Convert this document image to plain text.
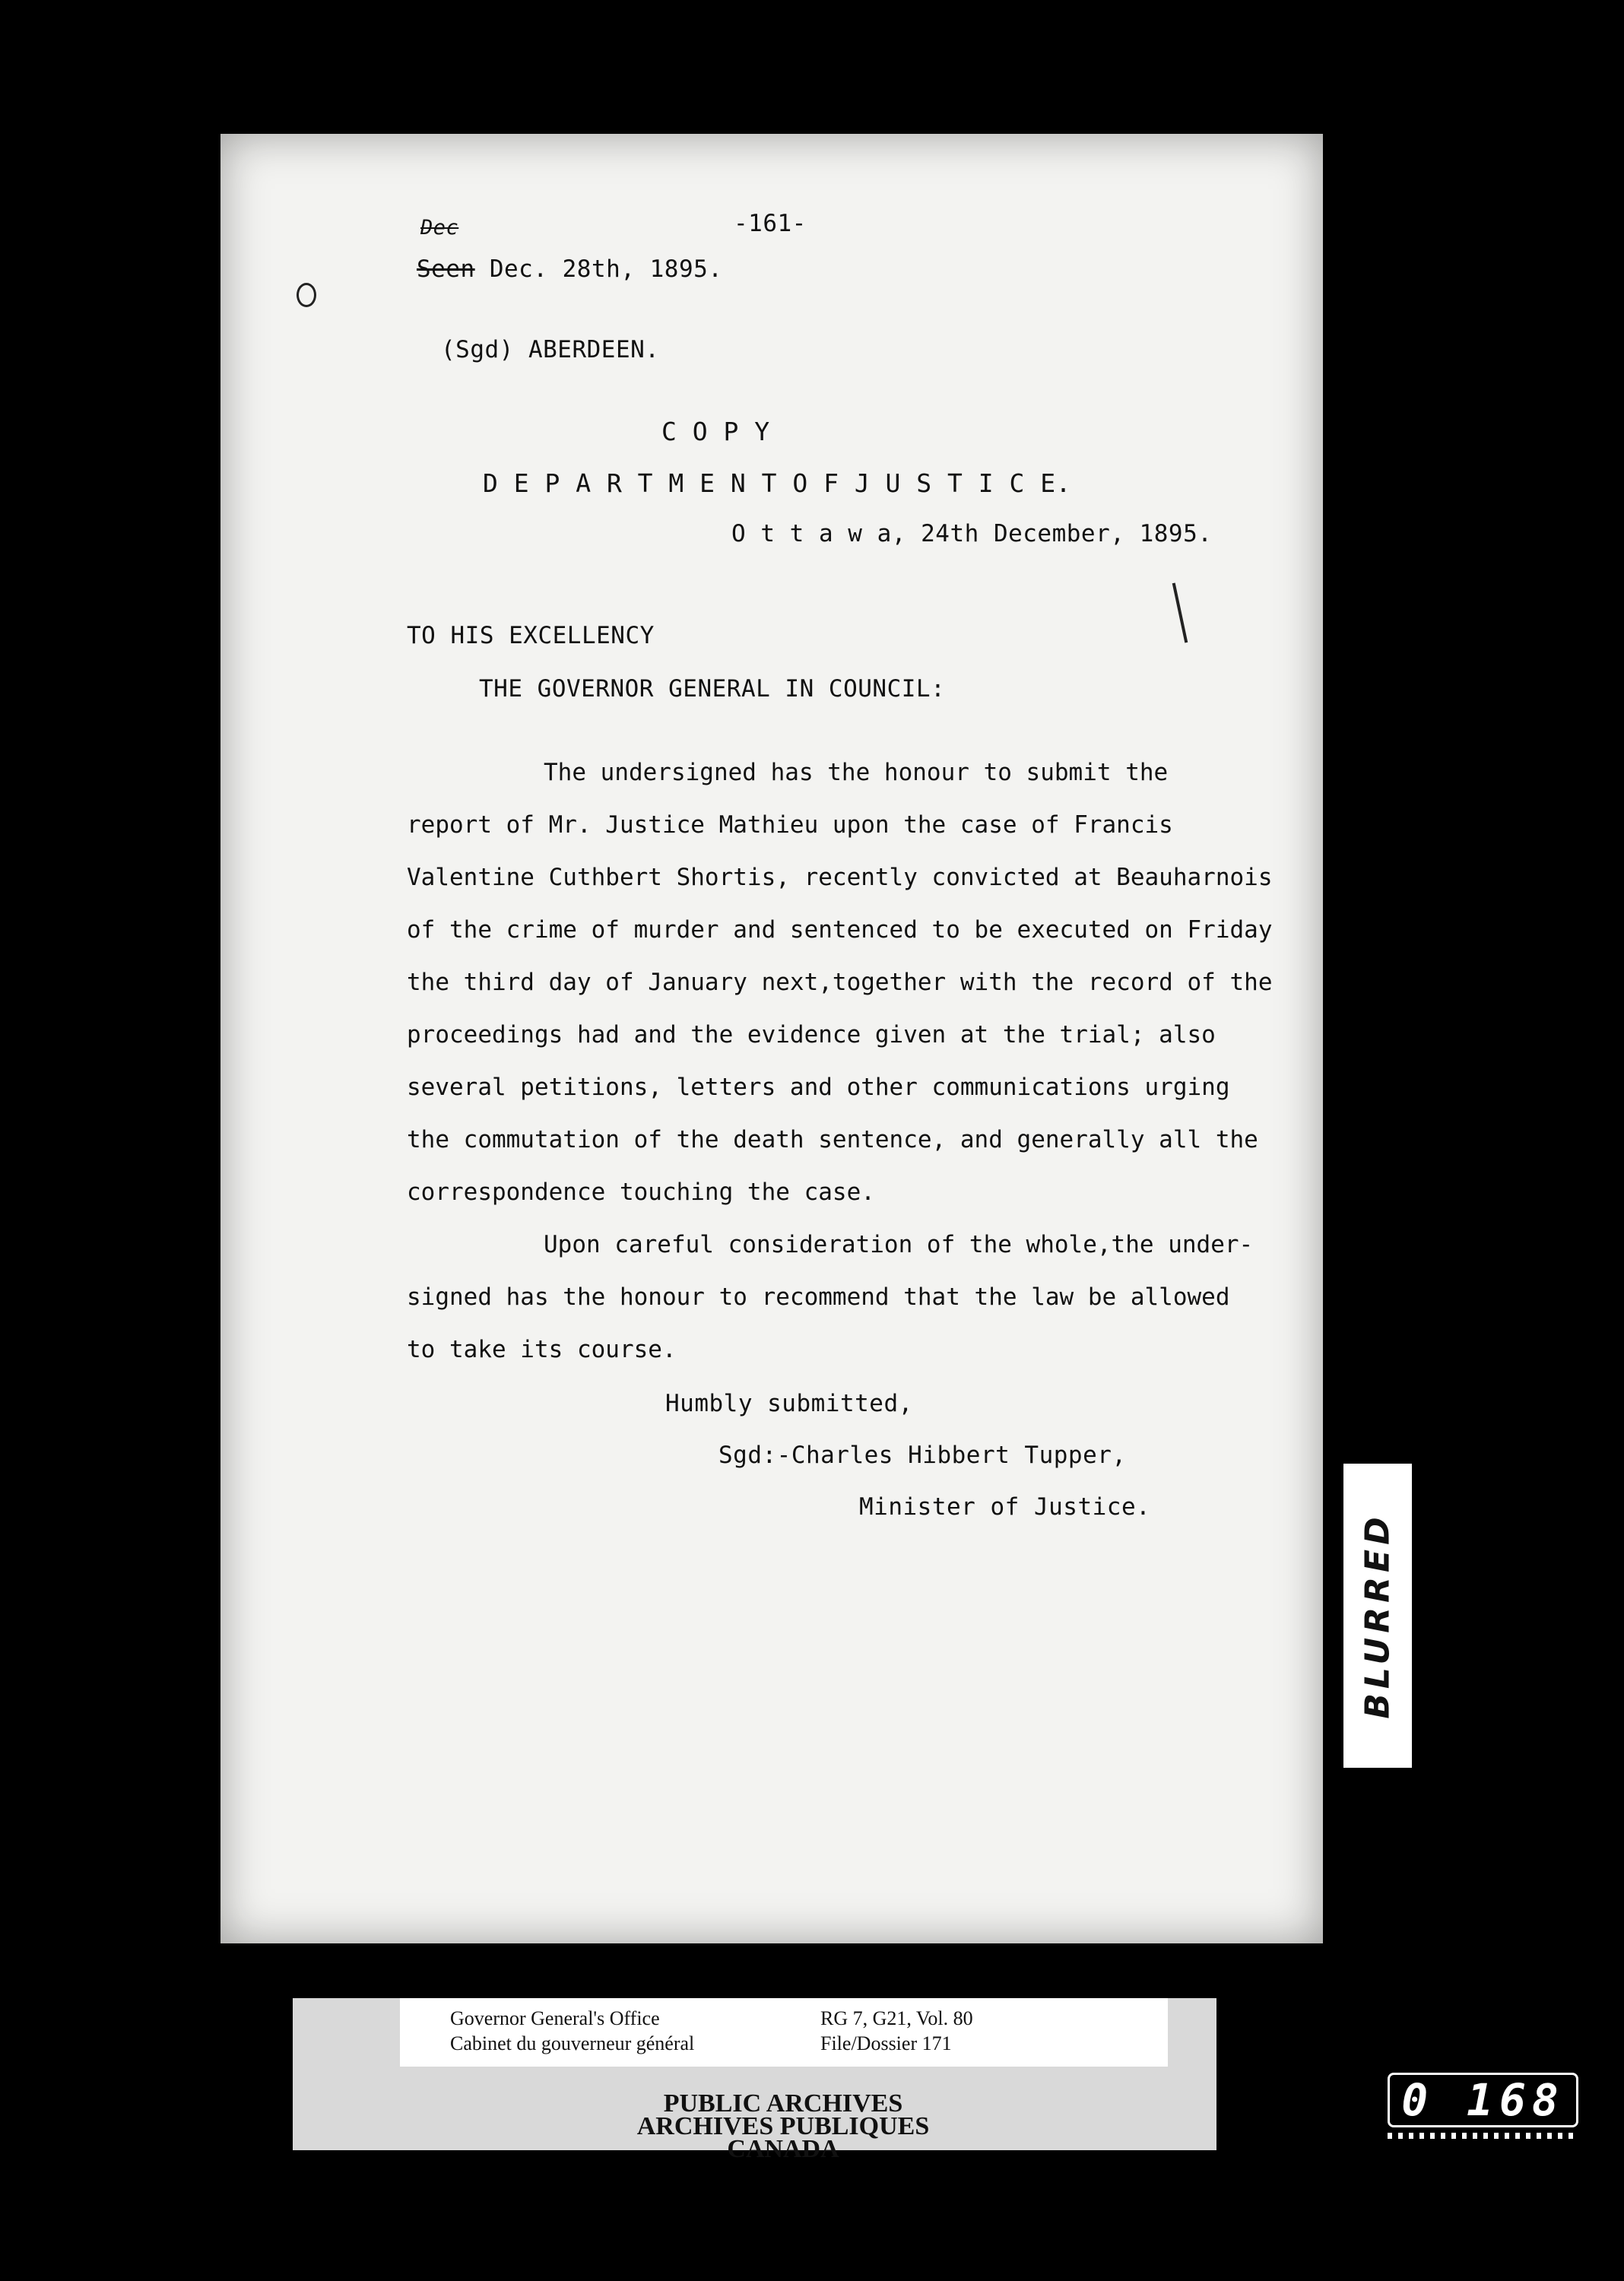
-161-
Dec
Seen Dec. 28th, 1895.
(Sgd) ABERDEEN.
C O P Y
D E P A R T M E N T O F J U S T I C E.
O t t a w a, 24th December, 1895.
TO HIS EXCELLENCY
THE GOVERNOR GENERAL IN COUNCIL:
The undersigned has the honour to submit the
report of Mr. Justice Mathieu upon the case of Francis
Valentine Cuthbert Shortis, recently convicted at Beauharnois
of the crime of murder and sentenced to be executed on Friday
the third day of January next,together with the record of the
proceedings had and the evidence given at the trial; also
several petitions, letters and other communications urging
the commutation of the death sentence, and generally all the
correspondence touching the case.
Upon careful consideration of the whole,the under-
signed has the honour to recommend that the law be allowed
to take its course.
Humbly submitted,
Sgd:-Charles Hibbert Tupper,
Minister of Justice.
BLURRED
Governor General's Office
Cabinet du gouverneur général
RG 7, G21, Vol. 80
File/Dossier 171
PUBLIC ARCHIVES
ARCHIVES PUBLIQUES
CANADA
0 168
